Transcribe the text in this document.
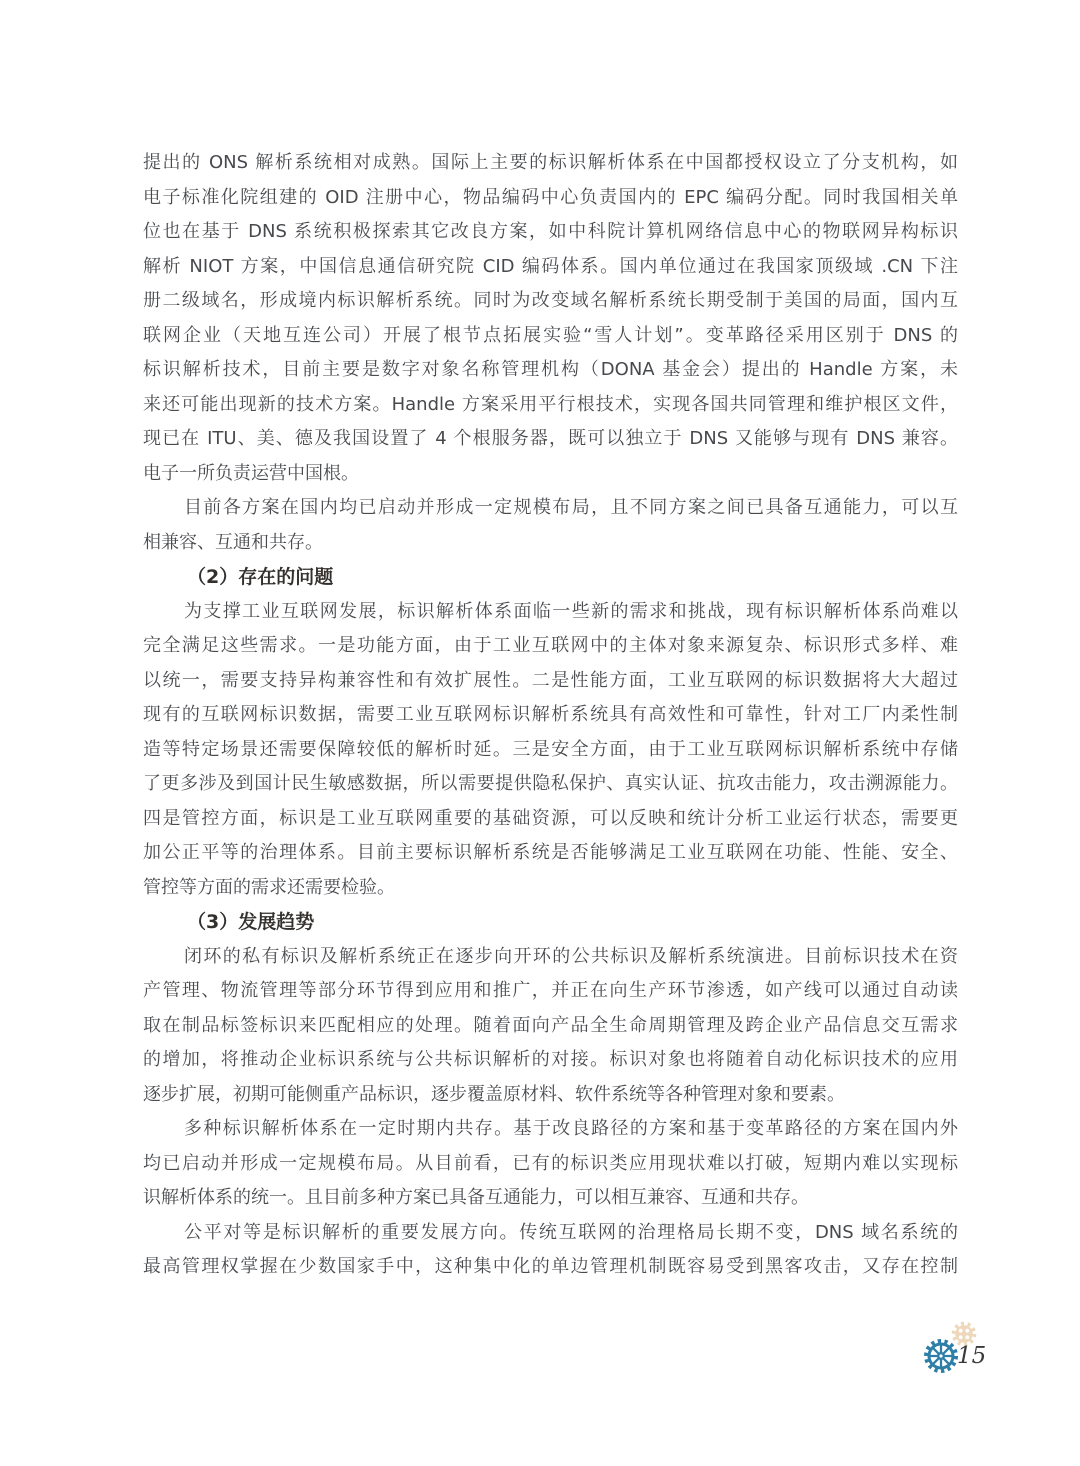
提出的 ONS 解析系统相对成熟。国际上主要的标识解析体系在中国都授权设立了分支机构，如
电子标准化院组建的 OID 注册中心，物品编码中心负责国内的 EPC 编码分配。同时我国相关单
位也在基于 DNS 系统积极探索其它改良方案，如中科院计算机网络信息中心的物联网异构标识
解析 NIOT 方案，中国信息通信研究院 CID 编码体系。国内单位通过在我国家顶级域 .CN 下注
册二级域名，形成境内标识解析系统。同时为改变域名解析系统长期受制于美国的局面，国内互
联网企业（天地互连公司）开展了根节点拓展实验“雪人计划”。变革路径采用区别于 DNS 的
标识解析技术，目前主要是数字对象名称管理机构（DONA 基金会）提出的 Handle 方案，未
来还可能出现新的技术方案。Handle 方案采用平行根技术，实现各国共同管理和维护根区文件，
现已在 ITU、美、德及我国设置了 4 个根服务器，既可以独立于 DNS 又能够与现有 DNS 兼容。
电子一所负责运营中国根。
目前各方案在国内均已启动并形成一定规模布局，且不同方案之间已具备互通能力，可以互
相兼容、互通和共存。
（2）存在的问题
为支撑工业互联网发展，标识解析体系面临一些新的需求和挑战，现有标识解析体系尚难以
完全满足这些需求。一是功能方面，由于工业互联网中的主体对象来源复杂、标识形式多样、难
以统一，需要支持异构兼容性和有效扩展性。二是性能方面，工业互联网的标识数据将大大超过
现有的互联网标识数据，需要工业互联网标识解析系统具有高效性和可靠性，针对工厂内柔性制
造等特定场景还需要保障较低的解析时延。三是安全方面，由于工业互联网标识解析系统中存储
了更多涉及到国计民生敏感数据，所以需要提供隐私保护、真实认证、抗攻击能力，攻击溯源能力。
四是管控方面，标识是工业互联网重要的基础资源，可以反映和统计分析工业运行状态，需要更
加公正平等的治理体系。目前主要标识解析系统是否能够满足工业互联网在功能、性能、安全、
管控等方面的需求还需要检验。
（3）发展趋势
闭环的私有标识及解析系统正在逐步向开环的公共标识及解析系统演进。目前标识技术在资
产管理、物流管理等部分环节得到应用和推广，并正在向生产环节渗透，如产线可以通过自动读
取在制品标签标识来匹配相应的处理。随着面向产品全生命周期管理及跨企业产品信息交互需求
的增加，将推动企业标识系统与公共标识解析的对接。标识对象也将随着自动化标识技术的应用
逐步扩展，初期可能侧重产品标识，逐步覆盖原材料、软件系统等各种管理对象和要素。
多种标识解析体系在一定时期内共存。基于改良路径的方案和基于变革路径的方案在国内外
均已启动并形成一定规模布局。从目前看，已有的标识类应用现状难以打破，短期内难以实现标
识解析体系的统一。且目前多种方案已具备互通能力，可以相互兼容、互通和共存。
公平对等是标识解析的重要发展方向。传统互联网的治理格局长期不变，DNS 域名系统的
最高管理权掌握在少数国家手中，这种集中化的单边管理机制既容易受到黑客攻击，又存在控制
15
